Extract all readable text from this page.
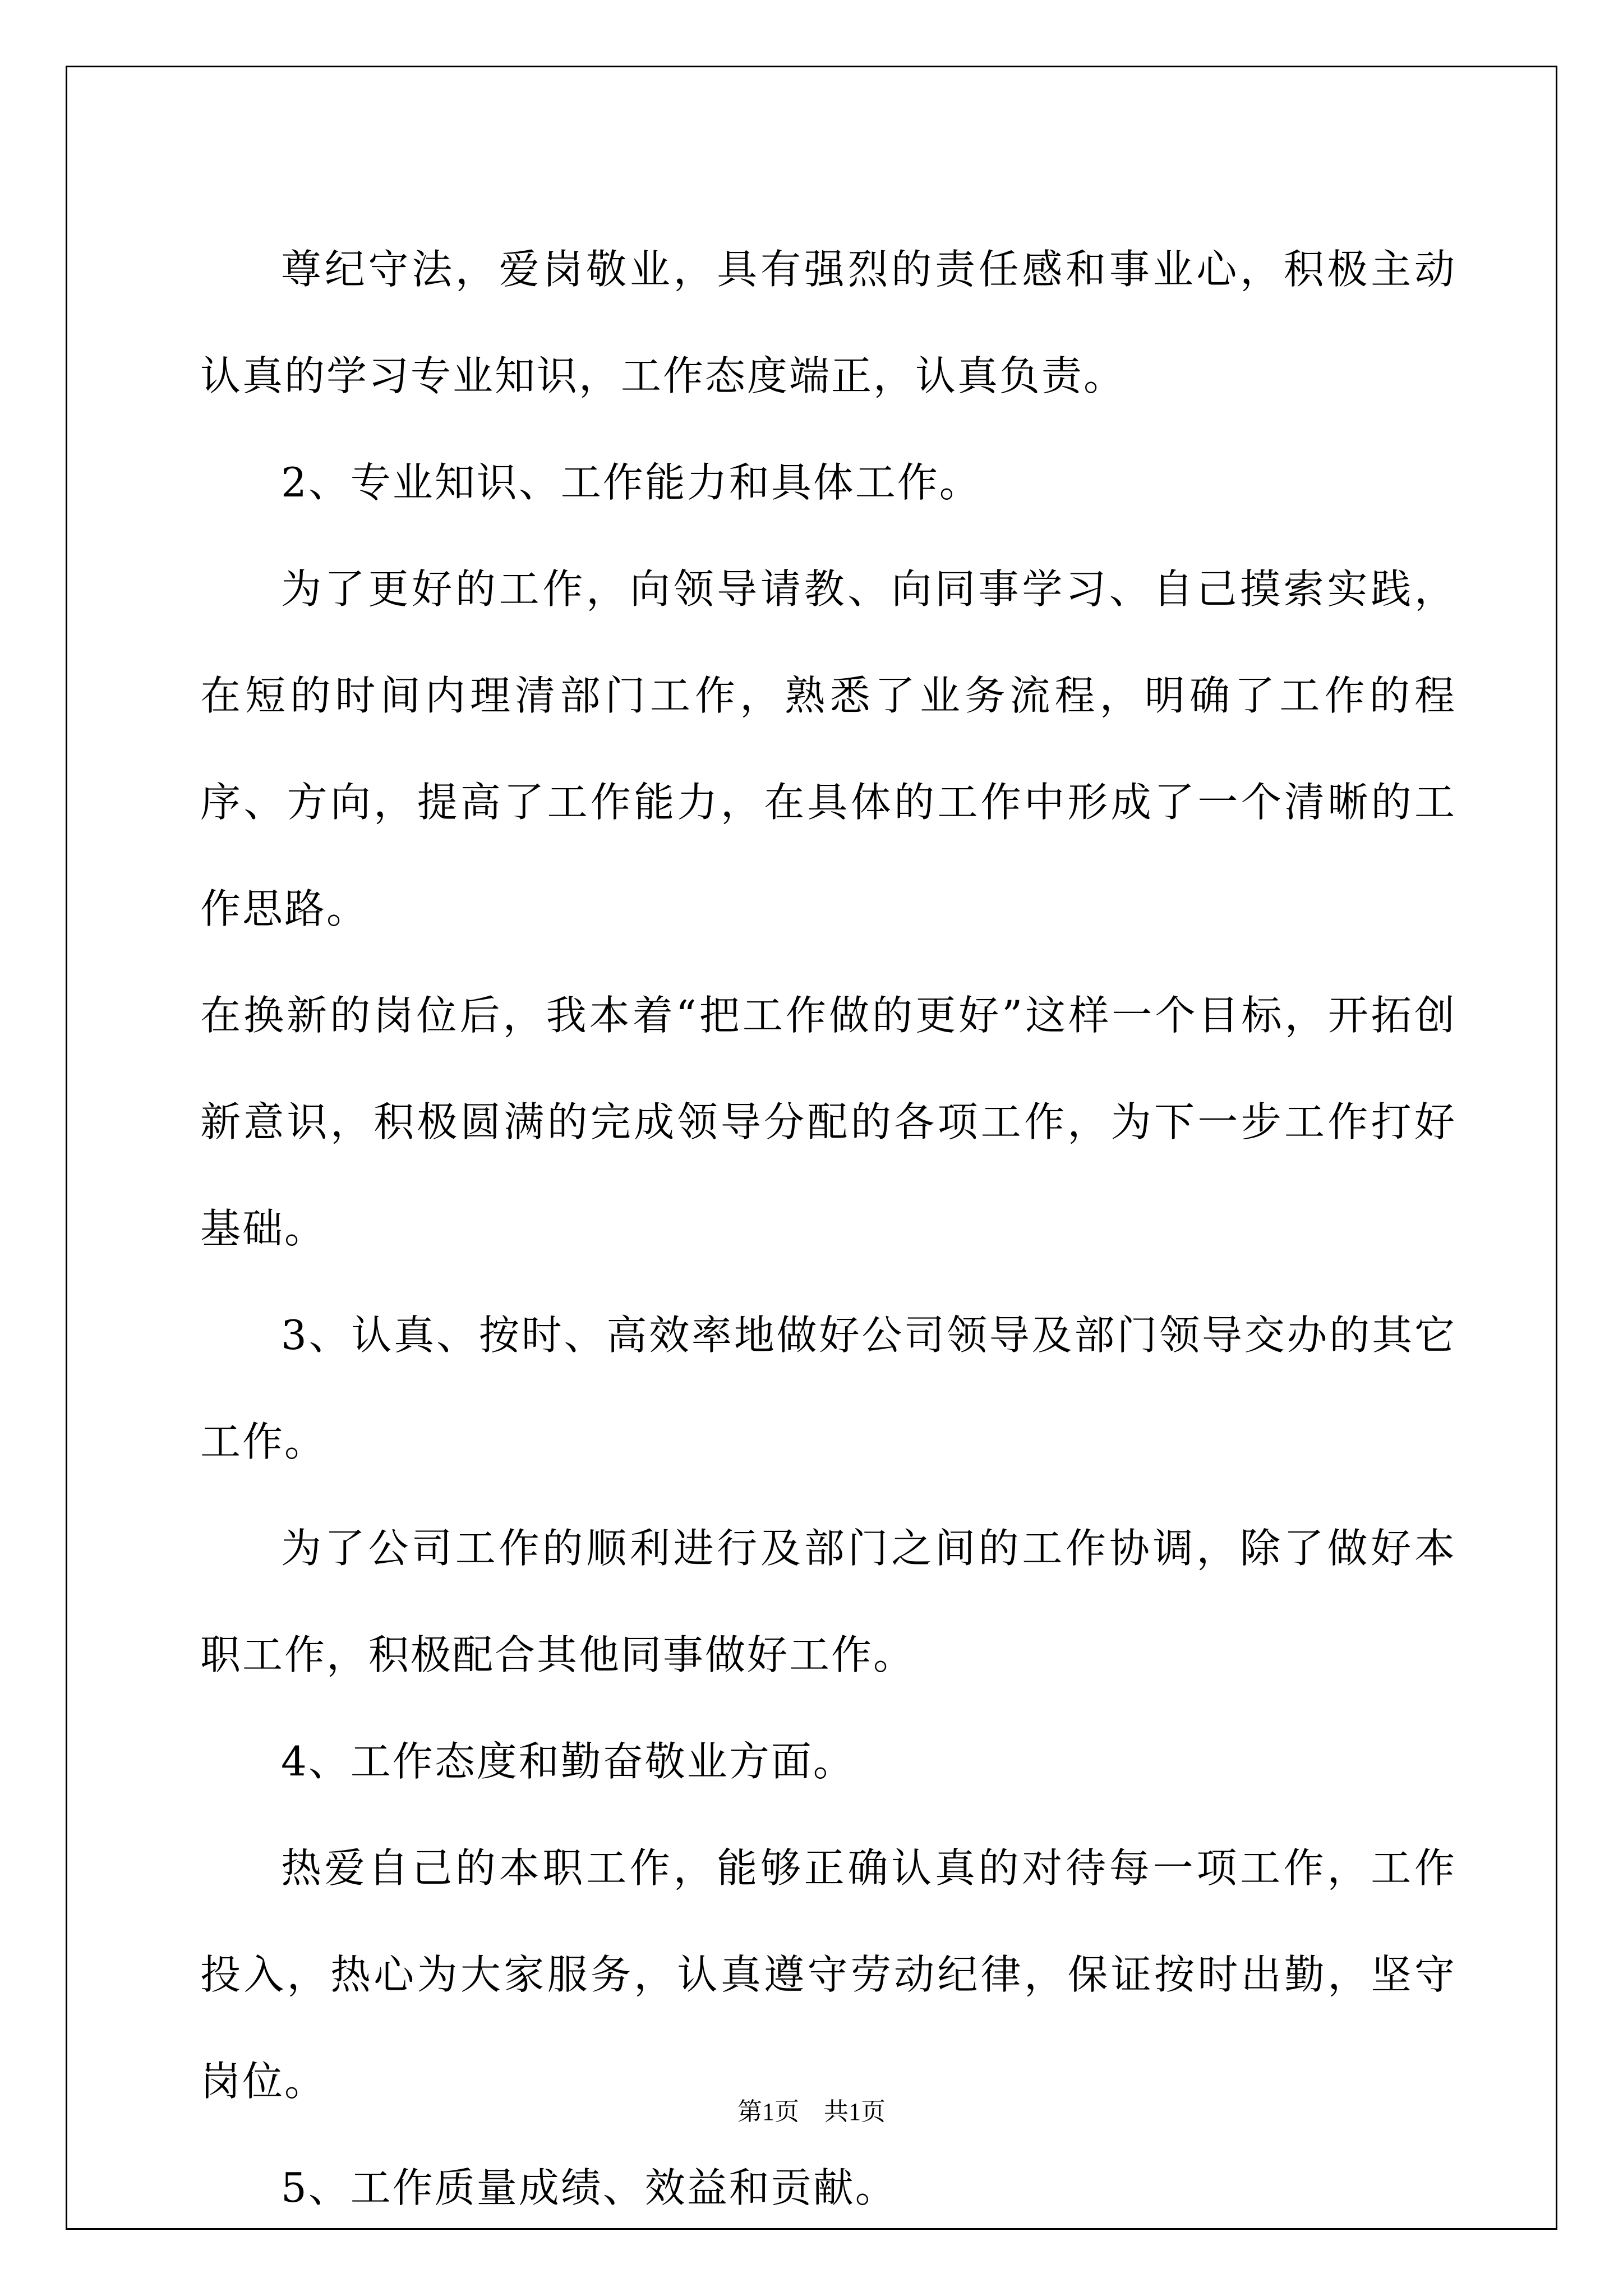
尊纪守法，爱岗敬业，具有强烈的责任感和事业心，积极主动认真的学习专业知识，工作态度端正，认真负责。

2、专业知识、工作能力和具体工作。

为了更好的工作，向领导请教、向同事学习、自己摸索实践，在短的时间内理清部门工作，熟悉了业务流程，明确了工作的程序、方向，提高了工作能力，在具体的工作中形成了一个清晰的工作思路。

在换新的岗位后，我本着“把工作做的更好”这样一个目标，开拓创新意识，积极圆满的完成领导分配的各项工作，为下一步工作打好基础。

3、认真、按时、高效率地做好公司领导及部门领导交办的其它工作。

为了公司工作的顺利进行及部门之间的工作协调，除了做好本职工作，积极配合其他同事做好工作。

4、工作态度和勤奋敬业方面。

热爱自己的本职工作，能够正确认真的对待每一项工作，工作投入，热心为大家服务，认真遵守劳动纪律，保证按时出勤，坚守岗位。

5、工作质量成绩、效益和贡献。

第1页　共1页
